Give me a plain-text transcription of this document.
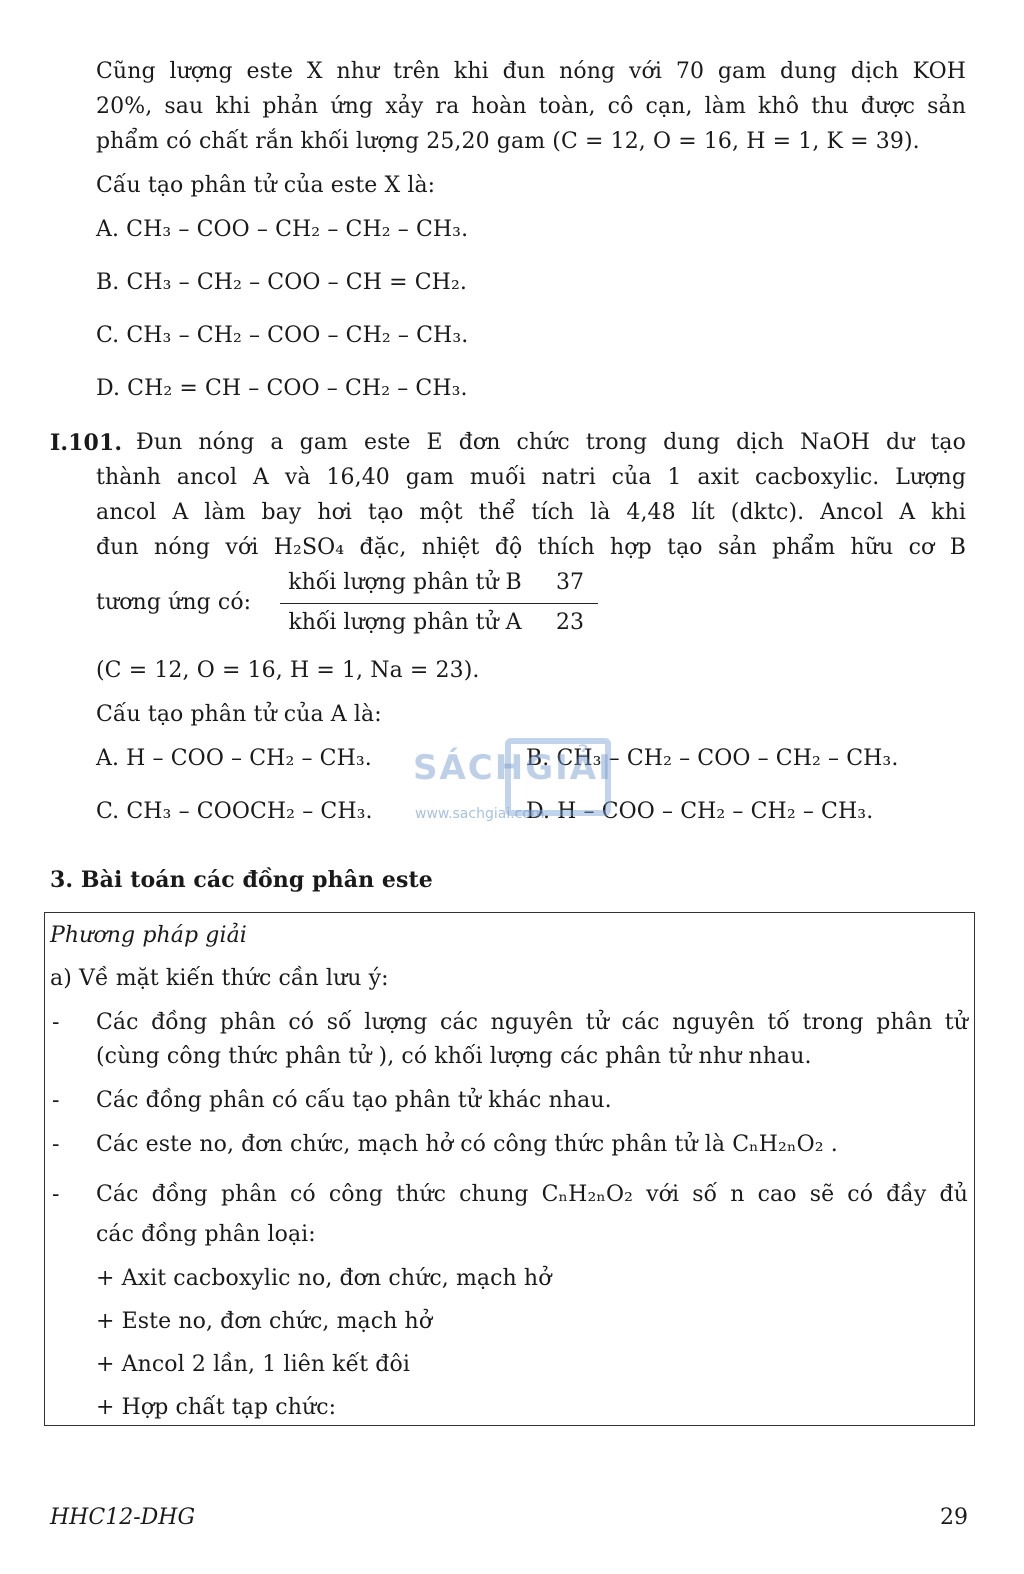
Cũng lượng este X như trên khi đun nóng với 70 gam dung dịch KOH
20%, sau khi phản ứng xảy ra hoàn toàn, cô cạn, làm khô thu được sản
phẩm có chất rắn khối lượng 25,20 gam (C = 12, O = 16, H = 1, K = 39).
Cấu tạo phân tử của este X là:
A. CH₃ – COO – CH₂ – CH₂ – CH₃.
B. CH₃ – CH₂ – COO – CH = CH₂.
C. CH₃ – CH₂ – COO – CH₂ – CH₃.
D. CH₂ = CH – COO – CH₂ – CH₃.
I.101. Đun nóng a gam este E đơn chức trong dung dịch NaOH dư tạo
thành ancol A và 16,40 gam muối natri của 1 axit cacboxylic. Lượng
ancol A làm bay hơi tạo một thể tích là 4,48 lít (dktc). Ancol A khi
đun nóng với H₂SO₄ đặc, nhiệt độ thích hợp tạo sản phẩm hữu cơ B
tương ứng có:
khối lượng phân tử B
khối lượng phân tử A
37
23
(C = 12, O = 16, H = 1, Na = 23).
Cấu tạo phân tử của A là:
A. H – COO – CH₂ – CH₃.	B. CH₃ – CH₂ – COO – CH₂ – CH₃.
C. CH₃ – COOCH₂ – CH₃.	D. H – COO – CH₂ – CH₂ – CH₃.
SÁCHGIẢI
www.sachgiai.com
3. Bài toán các đồng phân este
Phương pháp giải
a) Về mặt kiến thức cần lưu ý:
- Các đồng phân có số lượng các nguyên tử các nguyên tố trong phân tử
(cùng công thức phân tử ), có khối lượng các phân tử như nhau.
- Các đồng phân có cấu tạo phân tử khác nhau.
- Các este no, đơn chức, mạch hở có công thức phân tử là CₙH₂ₙO₂ .
- Các đồng phân có công thức chung CₙH₂ₙO₂ với số n cao sẽ có đầy đủ
các đồng phân loại:
+ Axit cacboxylic no, đơn chức, mạch hở
+ Este no, đơn chức, mạch hở
+ Ancol 2 lần, 1 liên kết đôi
+ Hợp chất tạp chức:
HHC12-DHG	29
